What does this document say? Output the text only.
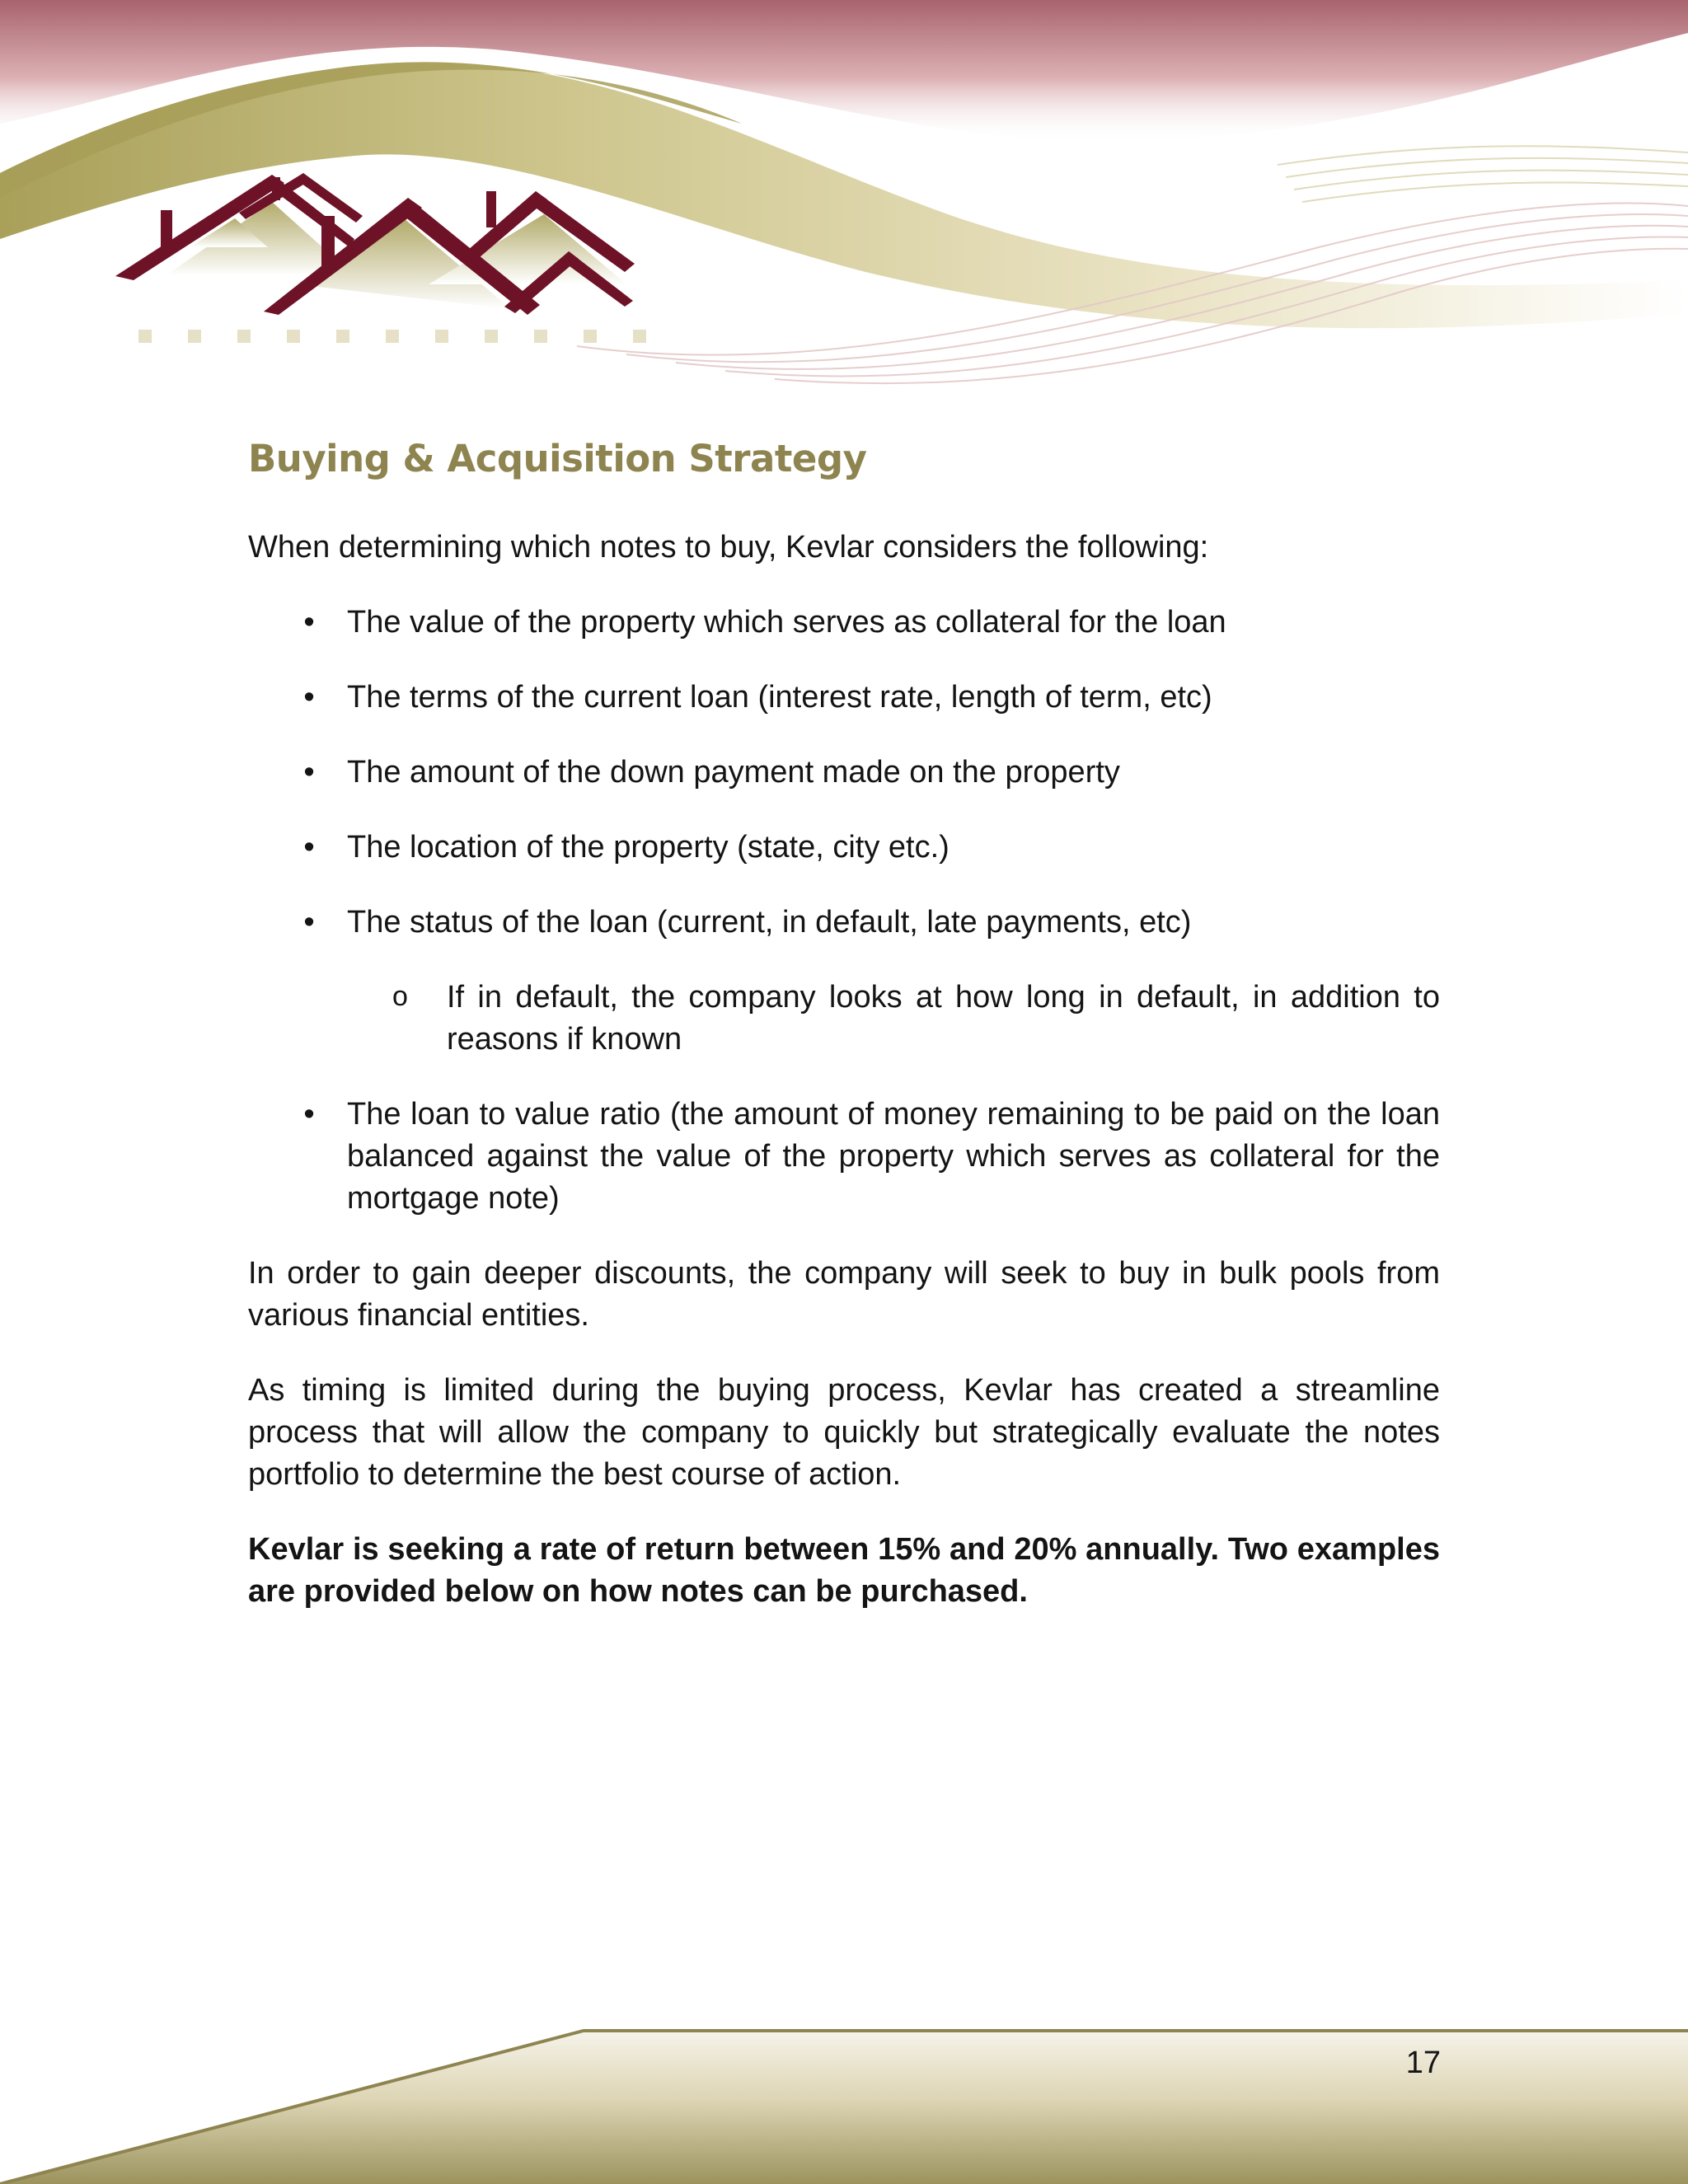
Buying & Acquisition Strategy

When determining which notes to buy, Kevlar considers the following:

• The value of the property which serves as collateral for the loan
• The terms of the current loan (interest rate, length of term, etc)
• The amount of the down payment made on the property
• The location of the property (state, city etc.)
• The status of the loan (current, in default, late payments, etc)
o If in default, the company looks at how long in default, in addition to reasons if known
• The loan to value ratio (the amount of money remaining to be paid on the loan balanced against the value of the property which serves as collateral for the mortgage note)

In order to gain deeper discounts, the company will seek to buy in bulk pools from various financial entities.

As timing is limited during the buying process, Kevlar has created a streamline process that will allow the company to quickly but strategically evaluate the notes portfolio to determine the best course of action.

Kevlar is seeking a rate of return between 15% and 20% annually. Two examples are provided below on how notes can be purchased.

17
